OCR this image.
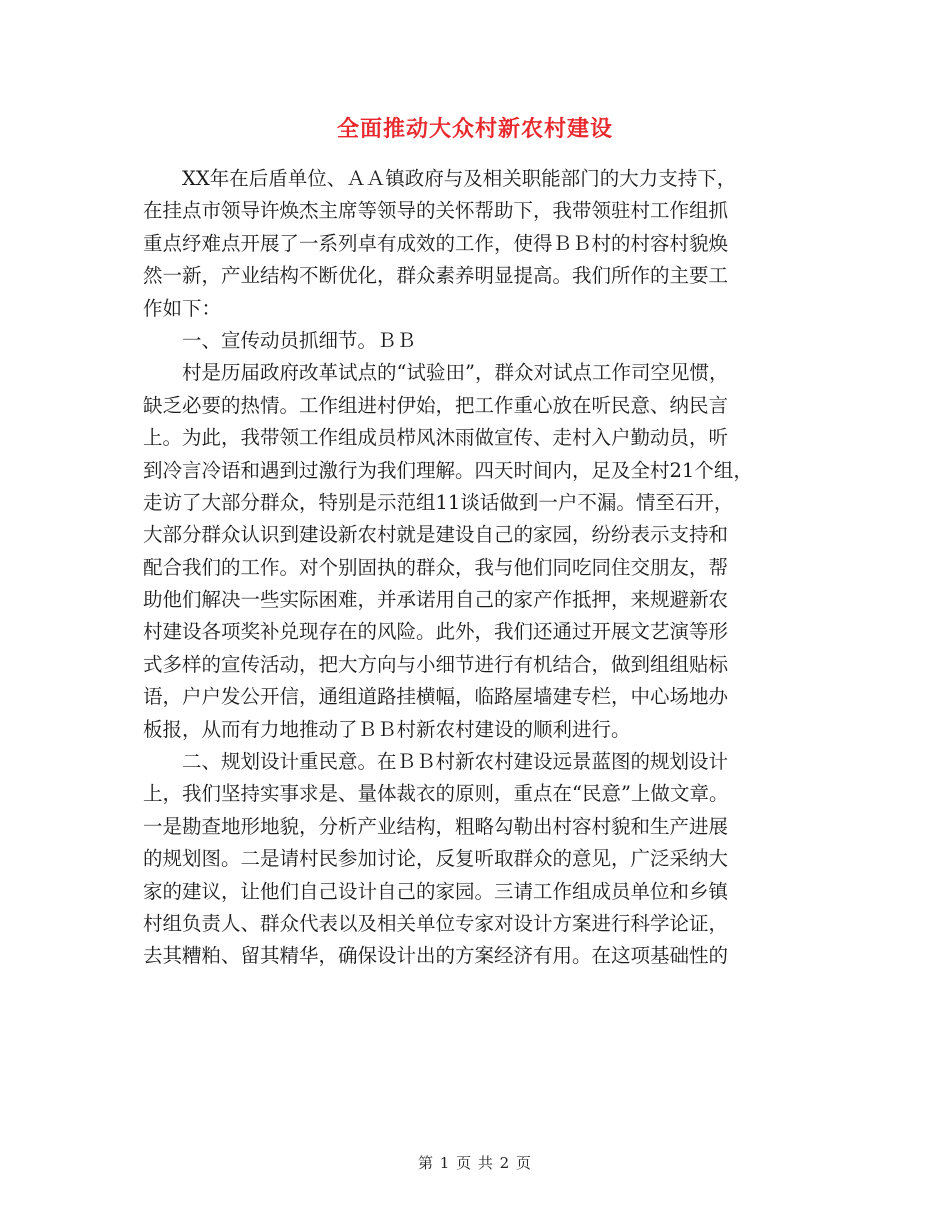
全面推动大众村新农村建设
XX年在后盾单位、ＡＡ镇政府与及相关职能部门的大力支持下，
在挂点市领导许焕杰主席等领导的关怀帮助下，我带领驻村工作组抓
重点纾难点开展了一系列卓有成效的工作，使得ＢＢ村的村容村貌焕
然一新，产业结构不断优化，群众素养明显提高。我们所作的主要工
作如下：
一、宣传动员抓细节。ＢＢ
村是历届政府改革试点的“试验田”，群众对试点工作司空见惯，
缺乏必要的热情。工作组进村伊始，把工作重心放在听民意、纳民言
上。为此，我带领工作组成员栉风沐雨做宣传、走村入户勤动员，听
到冷言冷语和遇到过激行为我们理解。四天时间内，足及全村21个组，
走访了大部分群众，特别是示范组11谈话做到一户不漏。情至石开，
大部分群众认识到建设新农村就是建设自己的家园，纷纷表示支持和
配合我们的工作。对个别固执的群众，我与他们同吃同住交朋友，帮
助他们解决一些实际困难，并承诺用自己的家产作抵押，来规避新农
村建设各项奖补兑现存在的风险。此外，我们还通过开展文艺演等形
式多样的宣传活动，把大方向与小细节进行有机结合，做到组组贴标
语，户户发公开信，通组道路挂横幅，临路屋墙建专栏，中心场地办
板报，从而有力地推动了ＢＢ村新农村建设的顺利进行。
二、规划设计重民意。在ＢＢ村新农村建设远景蓝图的规划设计
上，我们坚持实事求是、量体裁衣的原则，重点在“民意”上做文章。
一是勘查地形地貌，分析产业结构，粗略勾勒出村容村貌和生产进展
的规划图。二是请村民参加讨论，反复听取群众的意见，广泛采纳大
家的建议，让他们自己设计自己的家园。三请工作组成员单位和乡镇
村组负责人、群众代表以及相关单位专家对设计方案进行科学论证，
去其糟粕、留其精华，确保设计出的方案经济有用。在这项基础性的
第 1 页 共 2 页
